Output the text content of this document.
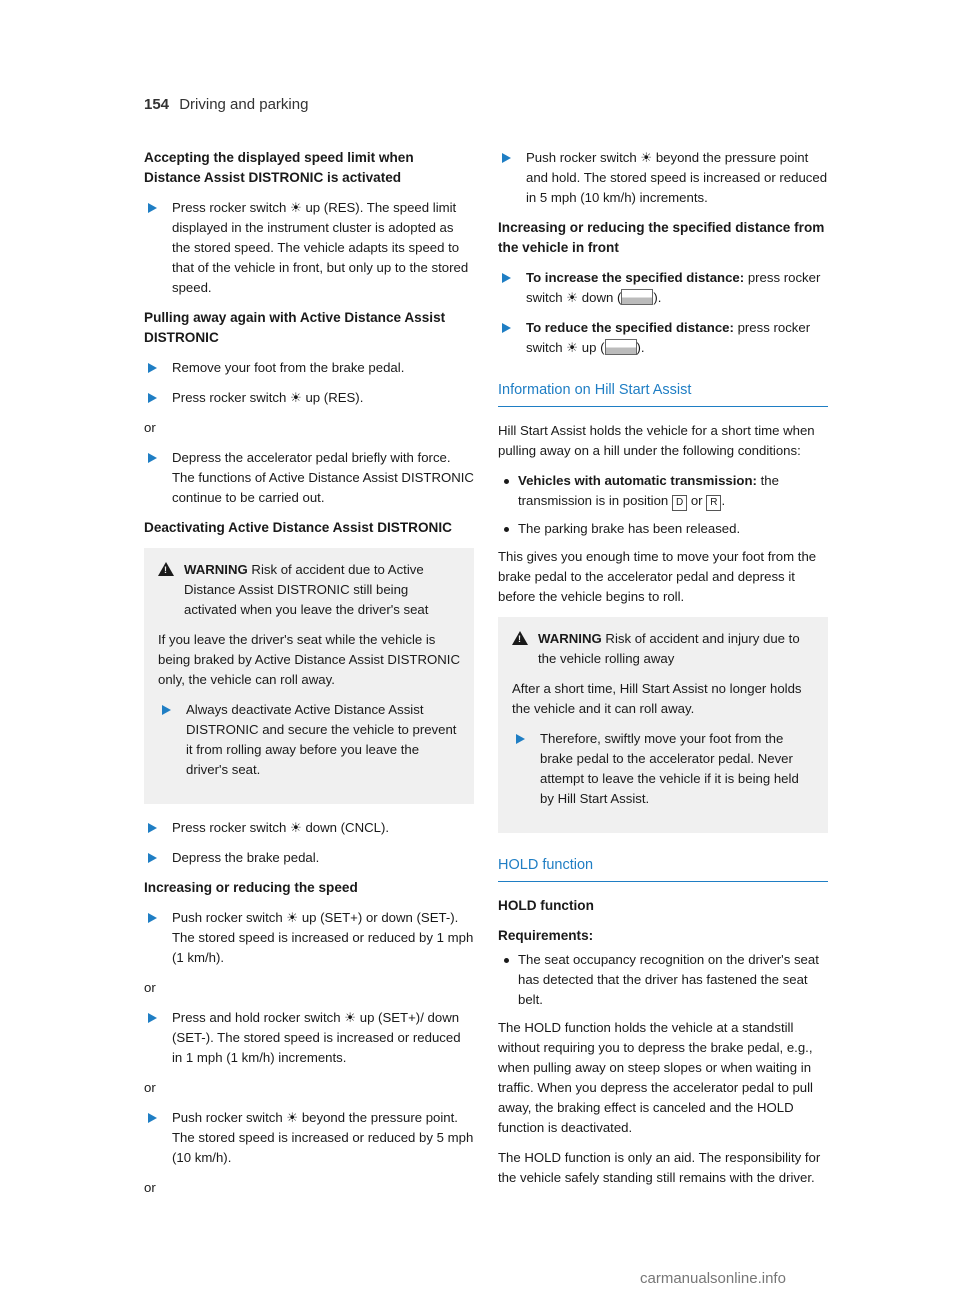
154 Driving and parking
Accepting the displayed speed limit when Distance Assist DISTRONIC is activated
Press rocker switch ☀ up (RES). The speed limit displayed in the instrument cluster is adopted as the stored speed. The vehicle adapts its speed to that of the vehicle in front, but only up to the stored speed.
Pulling away again with Active Distance Assist DISTRONIC
Remove your foot from the brake pedal.
Press rocker switch ☀ up (RES).
or
Depress the accelerator pedal briefly with force. The functions of Active Distance Assist DISTRONIC continue to be carried out.
Deactivating Active Distance Assist DISTRONIC
!
WARNING Risk of accident due to Active Distance Assist DISTRONIC still being activated when you leave the driver's seat

If you leave the driver's seat while the vehicle is being braked by Active Distance Assist DISTRONIC only, the vehicle can roll away.

Always deactivate Active Distance Assist DISTRONIC and secure the vehicle to prevent it from rolling away before you leave the driver's seat.
Press rocker switch ☀ down (CNCL).
Depress the brake pedal.
Increasing or reducing the speed
Push rocker switch ☀ up (SET+) or down (SET-). The stored speed is increased or reduced by 1 mph (1 km/h).
or
Press and hold rocker switch ☀ up (SET+)/ down (SET-). The stored speed is increased or reduced in 1 mph (1 km/h) increments.
or
Push rocker switch ☀ beyond the pressure point. The stored speed is increased or reduced by 5 mph (10 km/h).
or
Push rocker switch ☀ beyond the pressure point and hold. The stored speed is increased or reduced in 5 mph (10 km/h) increments.
Increasing or reducing the specified distance from the vehicle in front
To increase the specified distance: press rocker switch ☀ down ( ).
To reduce the specified distance: press rocker switch ☀ up ( ).
Information on Hill Start Assist

Hill Start Assist holds the vehicle for a short time when pulling away on a hill under the following conditions:

Vehicles with automatic transmission: the transmission is in position D or R .
The parking brake has been released.

This gives you enough time to move your foot from the brake pedal to the accelerator pedal and depress it before the vehicle begins to roll.

!
WARNING Risk of accident and injury due to the vehicle rolling away

After a short time, Hill Start Assist no longer holds the vehicle and it can roll away.

Therefore, swiftly move your foot from the brake pedal to the accelerator pedal. Never attempt to leave the vehicle if it is being held by Hill Start Assist.
HOLD function
HOLD function
Requirements:
The seat occupancy recognition on the driver's seat has detected that the driver has fastened the seat belt.

The HOLD function holds the vehicle at a standstill without requiring you to depress the brake pedal, e.g., when pulling away on steep slopes or when waiting in traffic. When you depress the accelerator pedal to pull away, the braking effect is canceled and the HOLD function is deactivated.

The HOLD function is only an aid. The responsibility for the vehicle safely standing still remains with the driver.

carmanualsonline.info
